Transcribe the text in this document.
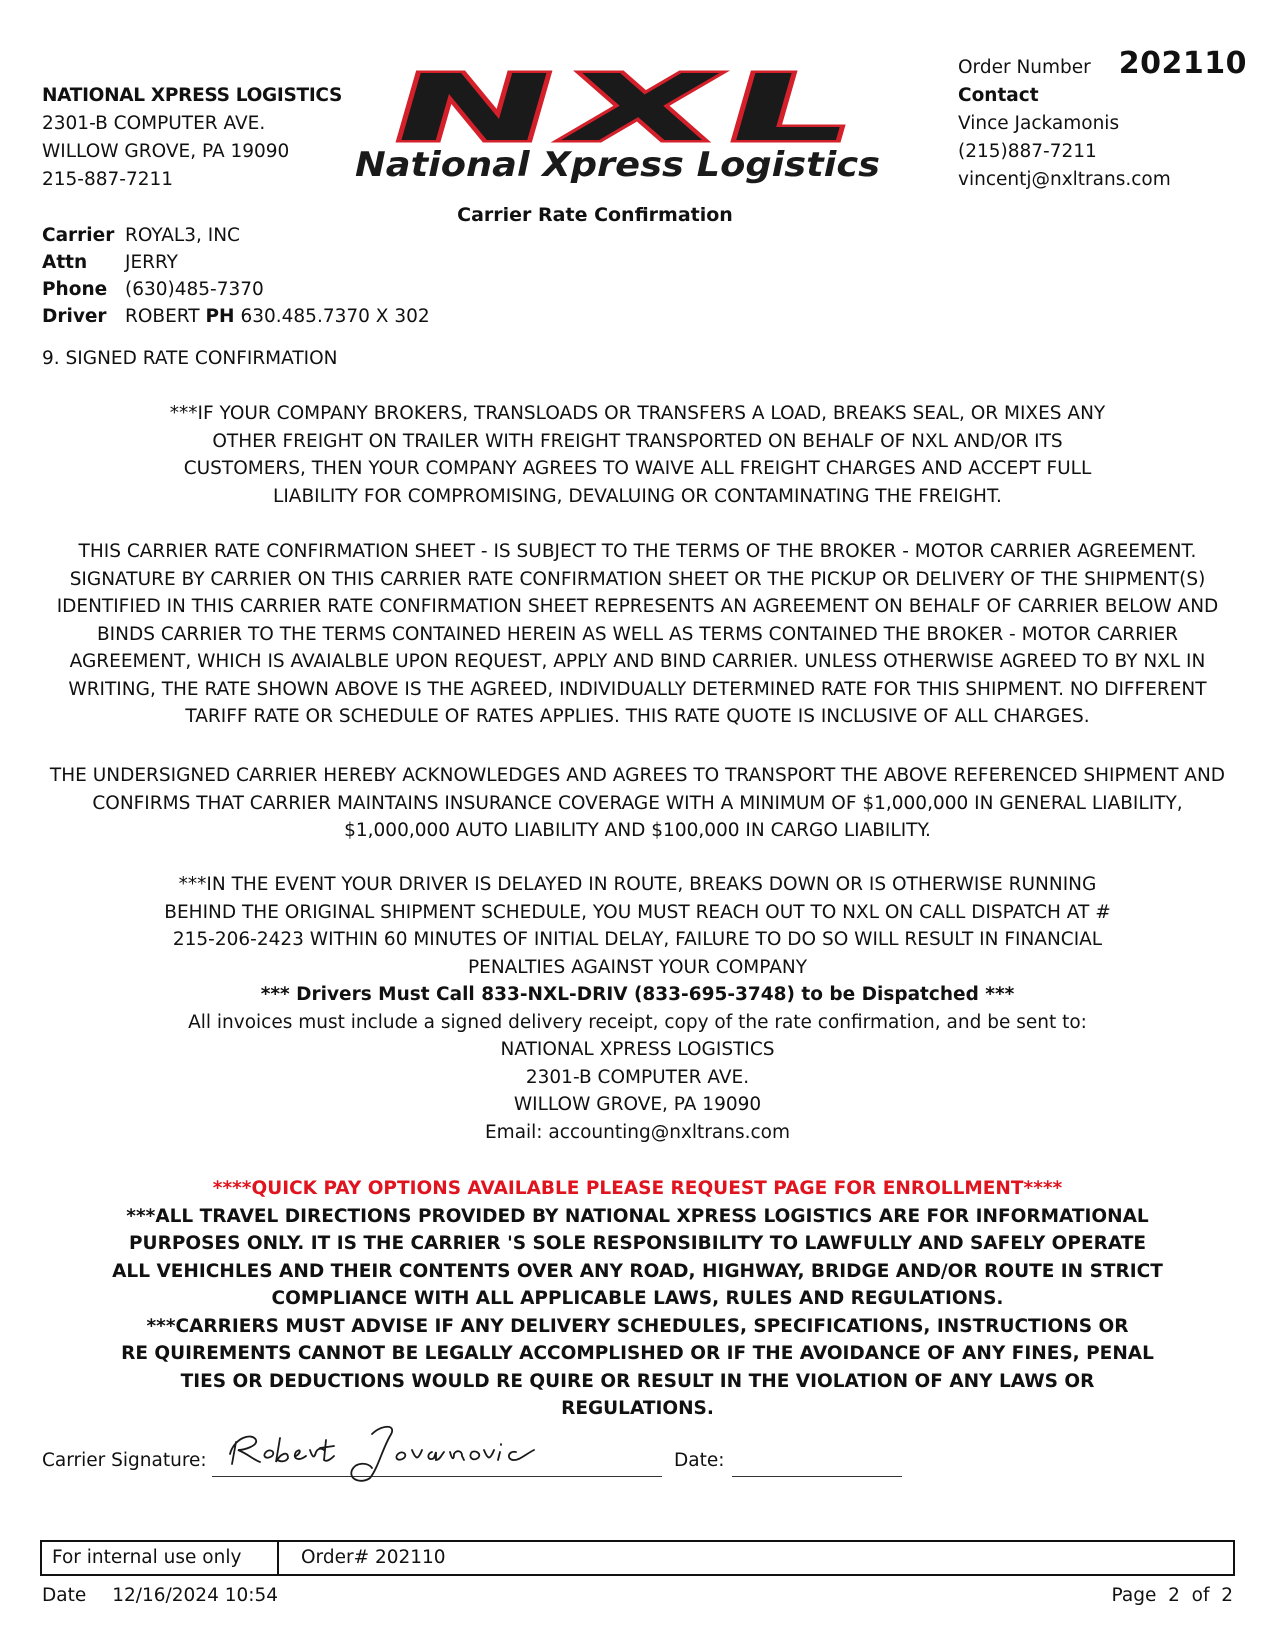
NATIONAL XPRESS LOGISTICS
2301-B COMPUTER AVE.
WILLOW GROVE, PA 19090
215-887-7211
NXL
National Xpress Logistics
Order Number 202110
Contact
Vince Jackamonis
(215)887-7211
vincentj@nxltrans.com
Carrier Rate Confirmation
Carrier ROYAL3, INC
Attn	JERRY
Phone (630)485-7370
Driver ROBERT
PH
630.485.7370 X 302
9. SIGNED RATE CONFIRMATION
***IF YOUR COMPANY BROKERS, TRANSLOADS OR TRANSFERS A LOAD, BREAKS SEAL, OR MIXES ANY
OTHER FREIGHT ON TRAILER WITH FREIGHT TRANSPORTED ON BEHALF OF NXL AND/OR ITS
CUSTOMERS, THEN YOUR COMPANY AGREES TO WAIVE ALL FREIGHT CHARGES AND ACCEPT FULL
LIABILITY FOR COMPROMISING, DEVALUING OR CONTAMINATING THE FREIGHT.
THIS CARRIER RATE CONFIRMATION SHEET - IS SUBJECT TO THE TERMS OF THE BROKER - MOTOR CARRIER AGREEMENT.
SIGNATURE BY CARRIER ON THIS CARRIER RATE CONFIRMATION SHEET OR THE PICKUP OR DELIVERY OF THE SHIPMENT(S)
IDENTIFIED IN THIS CARRIER RATE CONFIRMATION SHEET REPRESENTS AN AGREEMENT ON BEHALF OF CARRIER BELOW AND
BINDS CARRIER TO THE TERMS CONTAINED HEREIN AS WELL AS TERMS CONTAINED THE BROKER - MOTOR CARRIER
AGREEMENT, WHICH IS AVAIALBLE UPON REQUEST, APPLY AND BIND CARRIER. UNLESS OTHERWISE AGREED TO BY NXL IN
WRITING, THE RATE SHOWN ABOVE IS THE AGREED, INDIVIDUALLY DETERMINED RATE FOR THIS SHIPMENT. NO DIFFERENT
TARIFF RATE OR SCHEDULE OF RATES APPLIES. THIS RATE QUOTE IS INCLUSIVE OF ALL CHARGES.
THE UNDERSIGNED CARRIER HEREBY ACKNOWLEDGES AND AGREES TO TRANSPORT THE ABOVE REFERENCED SHIPMENT AND
CONFIRMS THAT CARRIER MAINTAINS INSURANCE COVERAGE WITH A MINIMUM OF $1,000,000 IN GENERAL LIABILITY,
$1,000,000 AUTO LIABILITY AND $100,000 IN CARGO LIABILITY.
***IN THE EVENT YOUR DRIVER IS DELAYED IN ROUTE, BREAKS DOWN OR IS OTHERWISE RUNNING
BEHIND THE ORIGINAL SHIPMENT SCHEDULE, YOU MUST REACH OUT TO NXL ON CALL DISPATCH AT #
215-206-2423 WITHIN 60 MINUTES OF INITIAL DELAY, FAILURE TO DO SO WILL RESULT IN FINANCIAL
PENALTIES AGAINST YOUR COMPANY
*** Drivers Must Call 833-NXL-DRIV (833-695-3748) to be Dispatched ***
All invoices must include a signed delivery receipt, copy of the rate confirmation, and be sent to:
NATIONAL XPRESS LOGISTICS
2301-B COMPUTER AVE.
WILLOW GROVE, PA 19090
Email: accounting@nxltrans.com
****QUICK PAY OPTIONS AVAILABLE PLEASE REQUEST PAGE FOR ENROLLMENT****
***ALL TRAVEL DIRECTIONS PROVIDED BY NATIONAL XPRESS LOGISTICS ARE FOR INFORMATIONAL
PURPOSES ONLY. IT IS THE CARRIER 'S SOLE RESPONSIBILITY TO LAWFULLY AND SAFELY OPERATE
ALL VEHICHLES AND THEIR CONTENTS OVER ANY ROAD, HIGHWAY, BRIDGE AND/OR ROUTE IN STRICT
COMPLIANCE WITH ALL APPLICABLE LAWS, RULES AND REGULATIONS.
***CARRIERS MUST ADVISE IF ANY DELIVERY SCHEDULES, SPECIFICATIONS, INSTRUCTIONS OR
RE QUIREMENTS CANNOT BE LEGALLY ACCOMPLISHED OR IF THE AVOIDANCE OF ANY FINES, PENAL
TIES OR DEDUCTIONS WOULD RE QUIRE OR RESULT IN THE VIOLATION OF ANY LAWS OR
REGULATIONS.
Carrier Signature:	Date:
For internal use only	Order# 202110
Date 12/16/2024 10:54	Page  2  of  2
